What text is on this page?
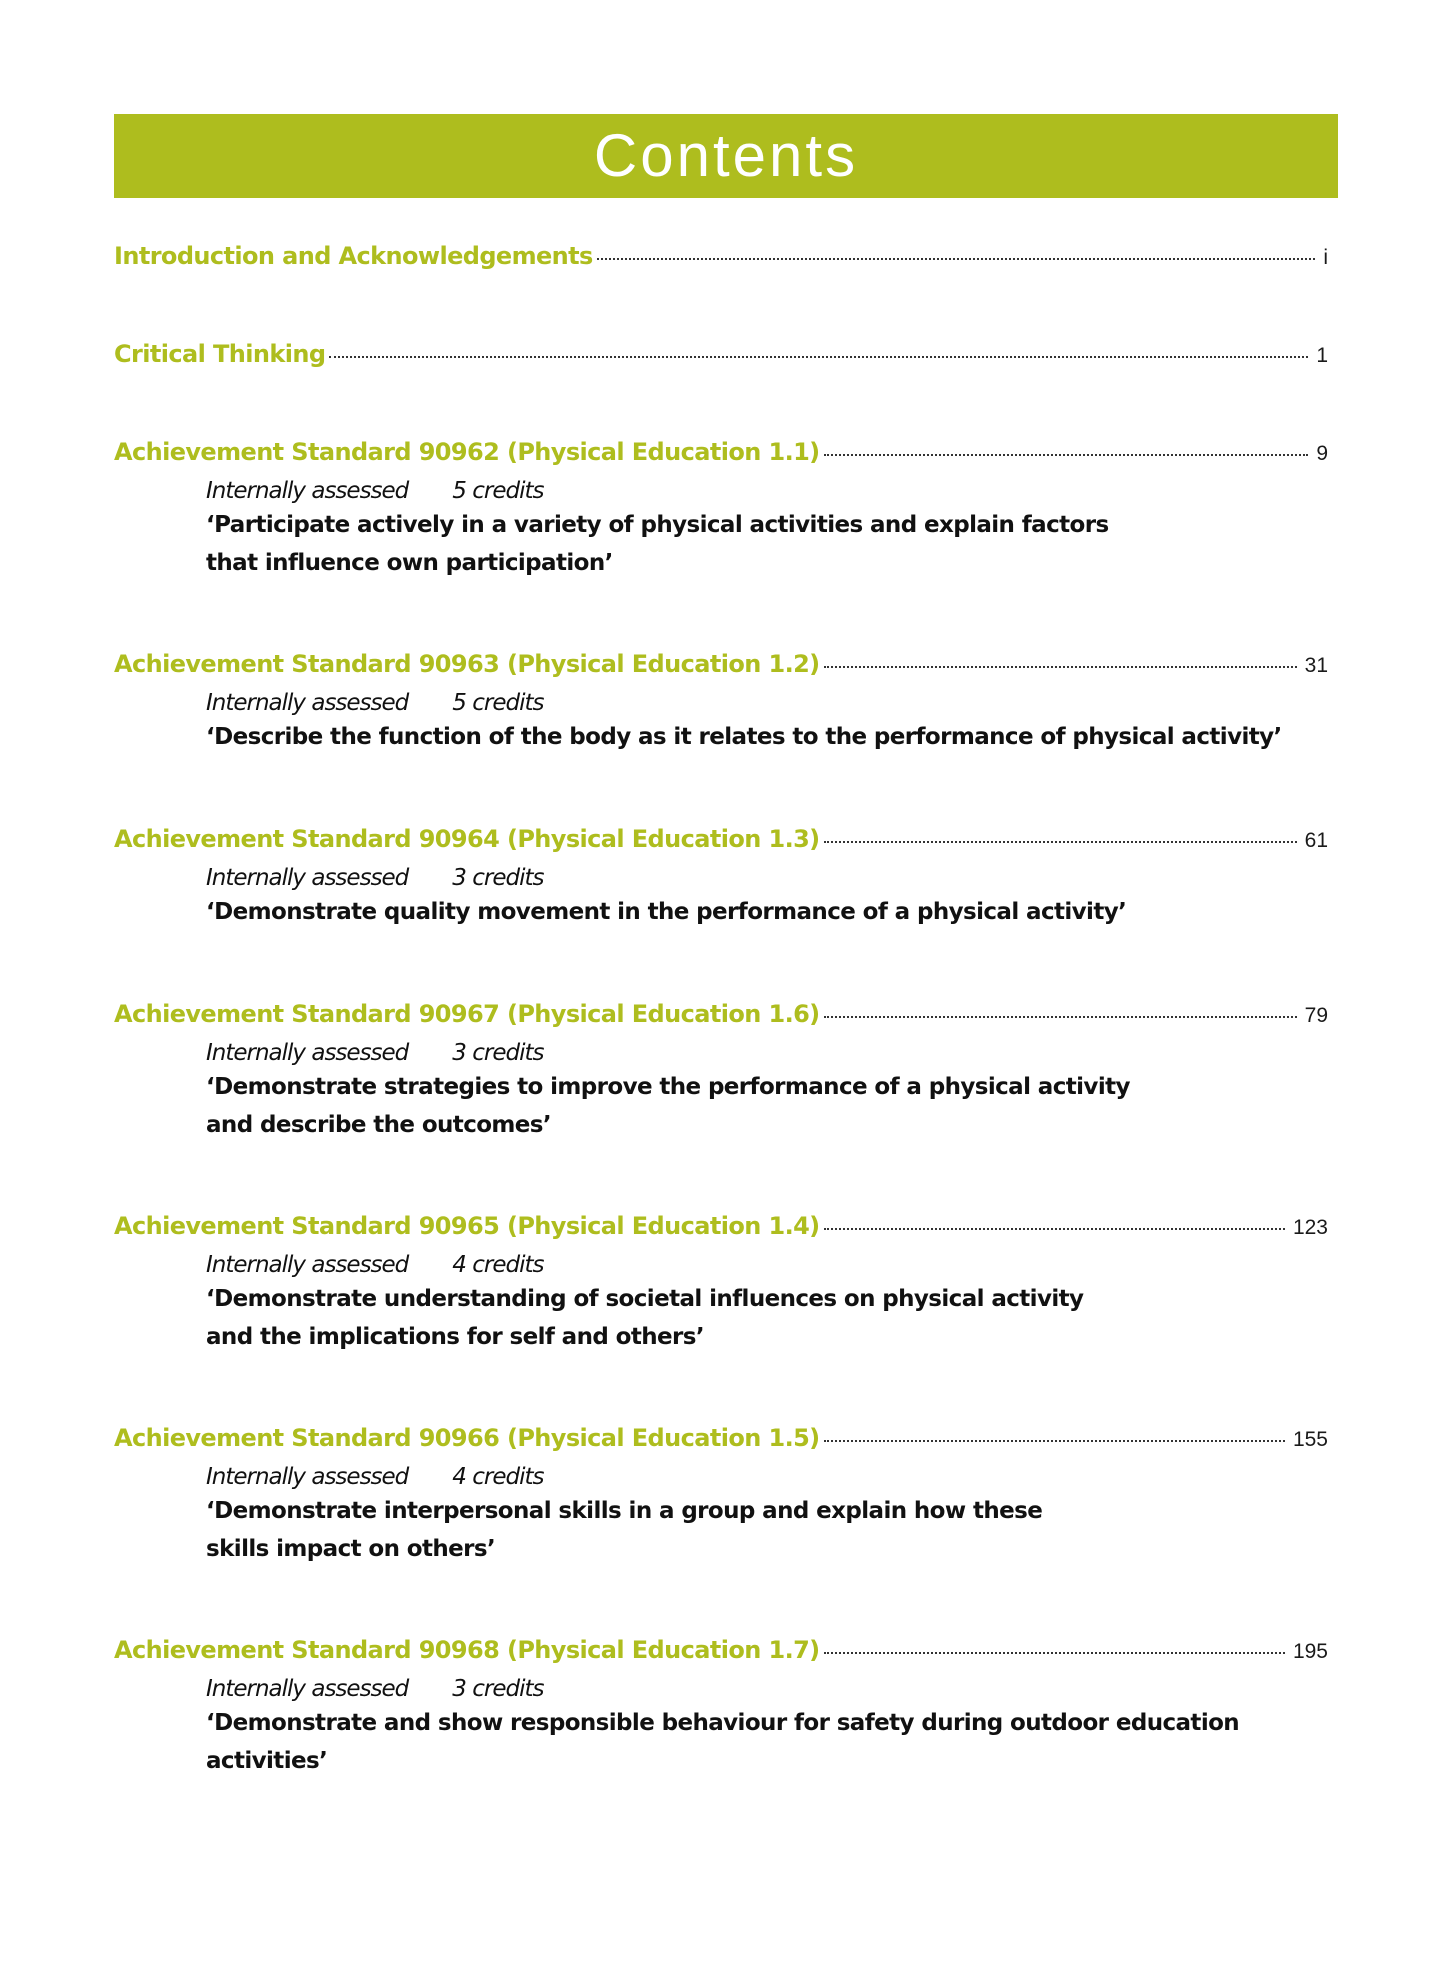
Contents
Introduction and Acknowledgements	i
Critical Thinking	1
Achievement Standard 90962 (Physical Education 1.1)	9
Internally assessed 5 credits
‘Participate actively in a variety of physical activities and explain factors
that influence own participation’
Achievement Standard 90963 (Physical Education 1.2)	31
Internally assessed 5 credits
‘Describe the function of the body as it relates to the performance of physical activity’
Achievement Standard 90964 (Physical Education 1.3)	61
Internally assessed 3 credits
‘Demonstrate quality movement in the performance of a physical activity’
Achievement Standard 90967 (Physical Education 1.6)	79
Internally assessed 3 credits
‘Demonstrate strategies to improve the performance of a physical activity
and describe the outcomes’
Achievement Standard 90965 (Physical Education 1.4)	123
Internally assessed 4 credits
‘Demonstrate understanding of societal influences on physical activity
and the implications for self and others’
Achievement Standard 90966 (Physical Education 1.5)	155
Internally assessed 4 credits
‘Demonstrate interpersonal skills in a group and explain how these
skills impact on others’
Achievement Standard 90968 (Physical Education 1.7)	195
Internally assessed 3 credits
‘Demonstrate and show responsible behaviour for safety during outdoor education
activities’
